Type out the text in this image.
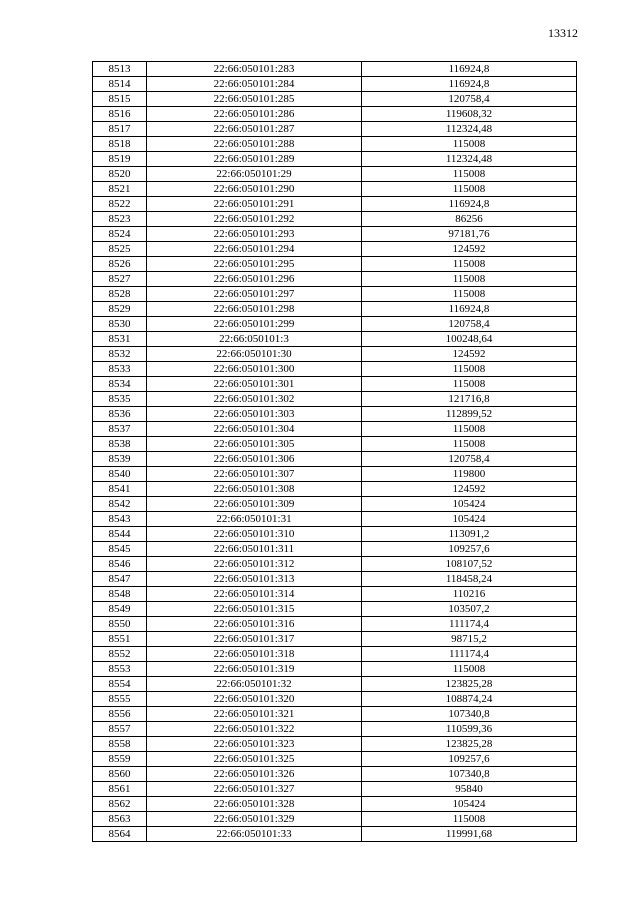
13312
8513	22:66:050101:283	116924,8
8514	22:66:050101:284	116924,8
8515	22:66:050101:285	120758,4
8516	22:66:050101:286	119608,32
8517	22:66:050101:287	112324,48
8518	22:66:050101:288	115008
8519	22:66:050101:289	112324,48
8520	22:66:050101:29	115008
8521	22:66:050101:290	115008
8522	22:66:050101:291	116924,8
8523	22:66:050101:292	86256
8524	22:66:050101:293	97181,76
8525	22:66:050101:294	124592
8526	22:66:050101:295	115008
8527	22:66:050101:296	115008
8528	22:66:050101:297	115008
8529	22:66:050101:298	116924,8
8530	22:66:050101:299	120758,4
8531	22:66:050101:3	100248,64
8532	22:66:050101:30	124592
8533	22:66:050101:300	115008
8534	22:66:050101:301	115008
8535	22:66:050101:302	121716,8
8536	22:66:050101:303	112899,52
8537	22:66:050101:304	115008
8538	22:66:050101:305	115008
8539	22:66:050101:306	120758,4
8540	22:66:050101:307	119800
8541	22:66:050101:308	124592
8542	22:66:050101:309	105424
8543	22:66:050101:31	105424
8544	22:66:050101:310	113091,2
8545	22:66:050101:311	109257,6
8546	22:66:050101:312	108107,52
8547	22:66:050101:313	118458,24
8548	22:66:050101:314	110216
8549	22:66:050101:315	103507,2
8550	22:66:050101:316	111174,4
8551	22:66:050101:317	98715,2
8552	22:66:050101:318	111174,4
8553	22:66:050101:319	115008
8554	22:66:050101:32	123825,28
8555	22:66:050101:320	108874,24
8556	22:66:050101:321	107340,8
8557	22:66:050101:322	110599,36
8558	22:66:050101:323	123825,28
8559	22:66:050101:325	109257,6
8560	22:66:050101:326	107340,8
8561	22:66:050101:327	95840
8562	22:66:050101:328	105424
8563	22:66:050101:329	115008
8564	22:66:050101:33	119991,68
